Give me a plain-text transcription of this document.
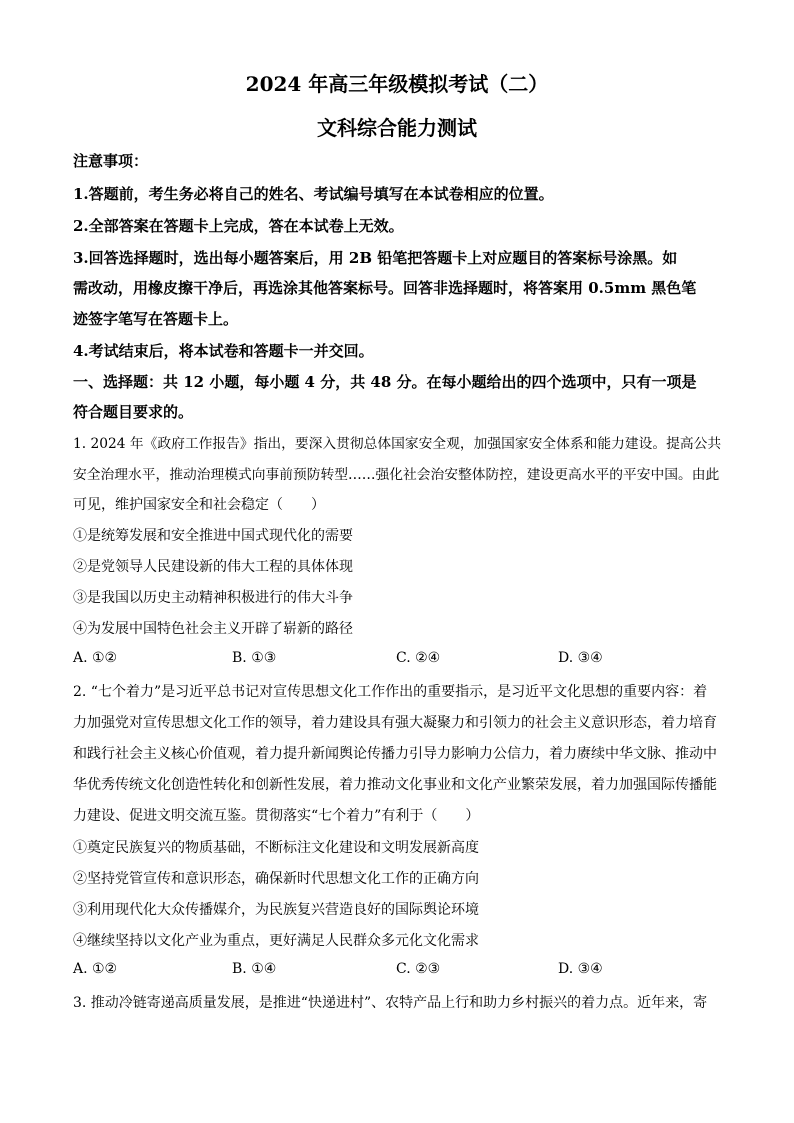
2024 年高三年级模拟考试（二）
文科综合能力测试
注意事项：
1.答题前，考生务必将自己的姓名、考试编号填写在本试卷相应的位置。
2.全部答案在答题卡上完成，答在本试卷上无效。
3.回答选择题时，选出每小题答案后，用 2B 铅笔把答题卡上对应题目的答案标号涂黑。如
需改动，用橡皮擦干净后，再选涂其他答案标号。回答非选择题时，将答案用 0.5mm 黑色笔
迹签字笔写在答题卡上。
4.考试结束后，将本试卷和答题卡一并交回。
一、选择题：共 12 小题，每小题 4 分，共 48 分。在每小题给出的四个选项中，只有一项是
符合题目要求的。
1. 2024 年《政府工作报告》指出，要深入贯彻总体国家安全观，加强国家安全体系和能力建设。提高公共
安全治理水平，推动治理模式向事前预防转型……强化社会治安整体防控，建设更高水平的平安中国。由此
可见，维护国家安全和社会稳定（　　）
①是统筹发展和安全推进中国式现代化的需要
②是党领导人民建设新的伟大工程的具体体现
③是我国以历史主动精神积极进行的伟大斗争
④为发展中国特色社会主义开辟了崭新的路径
A. ①②	B. ①③	C. ②④	D. ③④
2. “七个着力”是习近平总书记对宣传思想文化工作作出的重要指示，是习近平文化思想的重要内容：着
力加强党对宣传思想文化工作的领导，着力建设具有强大凝聚力和引领力的社会主义意识形态，着力培育
和践行社会主义核心价值观，着力提升新闻舆论传播力引导力影响力公信力，着力赓续中华文脉、推动中
华优秀传统文化创造性转化和创新性发展，着力推动文化事业和文化产业繁荣发展，着力加强国际传播能
力建设、促进文明交流互鉴。贯彻落实“七个着力”有利于（　　）
①奠定民族复兴的物质基础，不断标注文化建设和文明发展新高度
②坚持党管宣传和意识形态，确保新时代思想文化工作的正确方向
③利用现代化大众传播媒介，为民族复兴营造良好的国际舆论环境
④继续坚持以文化产业为重点，更好满足人民群众多元化文化需求
A. ①②	B. ①④	C. ②③	D. ③④
3. 推动冷链寄递高质量发展，是推进“快递进村”、农特产品上行和助力乡村振兴的着力点。近年来，寄
